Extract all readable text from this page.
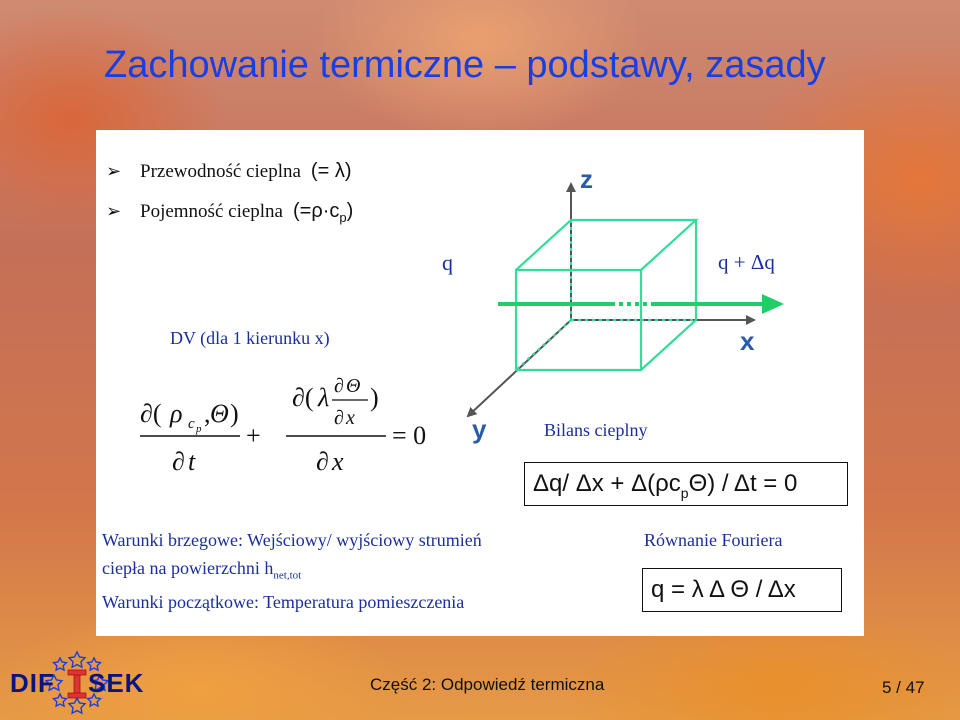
Zachowanie termiczne – podstawy, zasady
➢ Przewodność cieplna (= λ)
➢ Pojemność cieplna $(=\rho\cdot c_p)$
DV (dla 1 kierunku x)
∂( ρ c p
, Θ )
∂ t
+
∂( λ ∂ Θ
∂ x
)
∂ x
= 0
z
x
y
q	q + Δq
Bilans cieplny
Δq/ $\Delta x + \Delta(\rho c_p$ Θ) / Δt = 0
Warunki brzegowe: Wejściowy/ wyjściowy strumień
ciepła na powierzchni $h_{net,tot}$
Warunki początkowe: Temperatura pomieszczenia
Równanie Fouriera
q = λ Δ Θ / Δx
DIF SEK	Część 2: Odpowiedź termiczna	5 / 47
